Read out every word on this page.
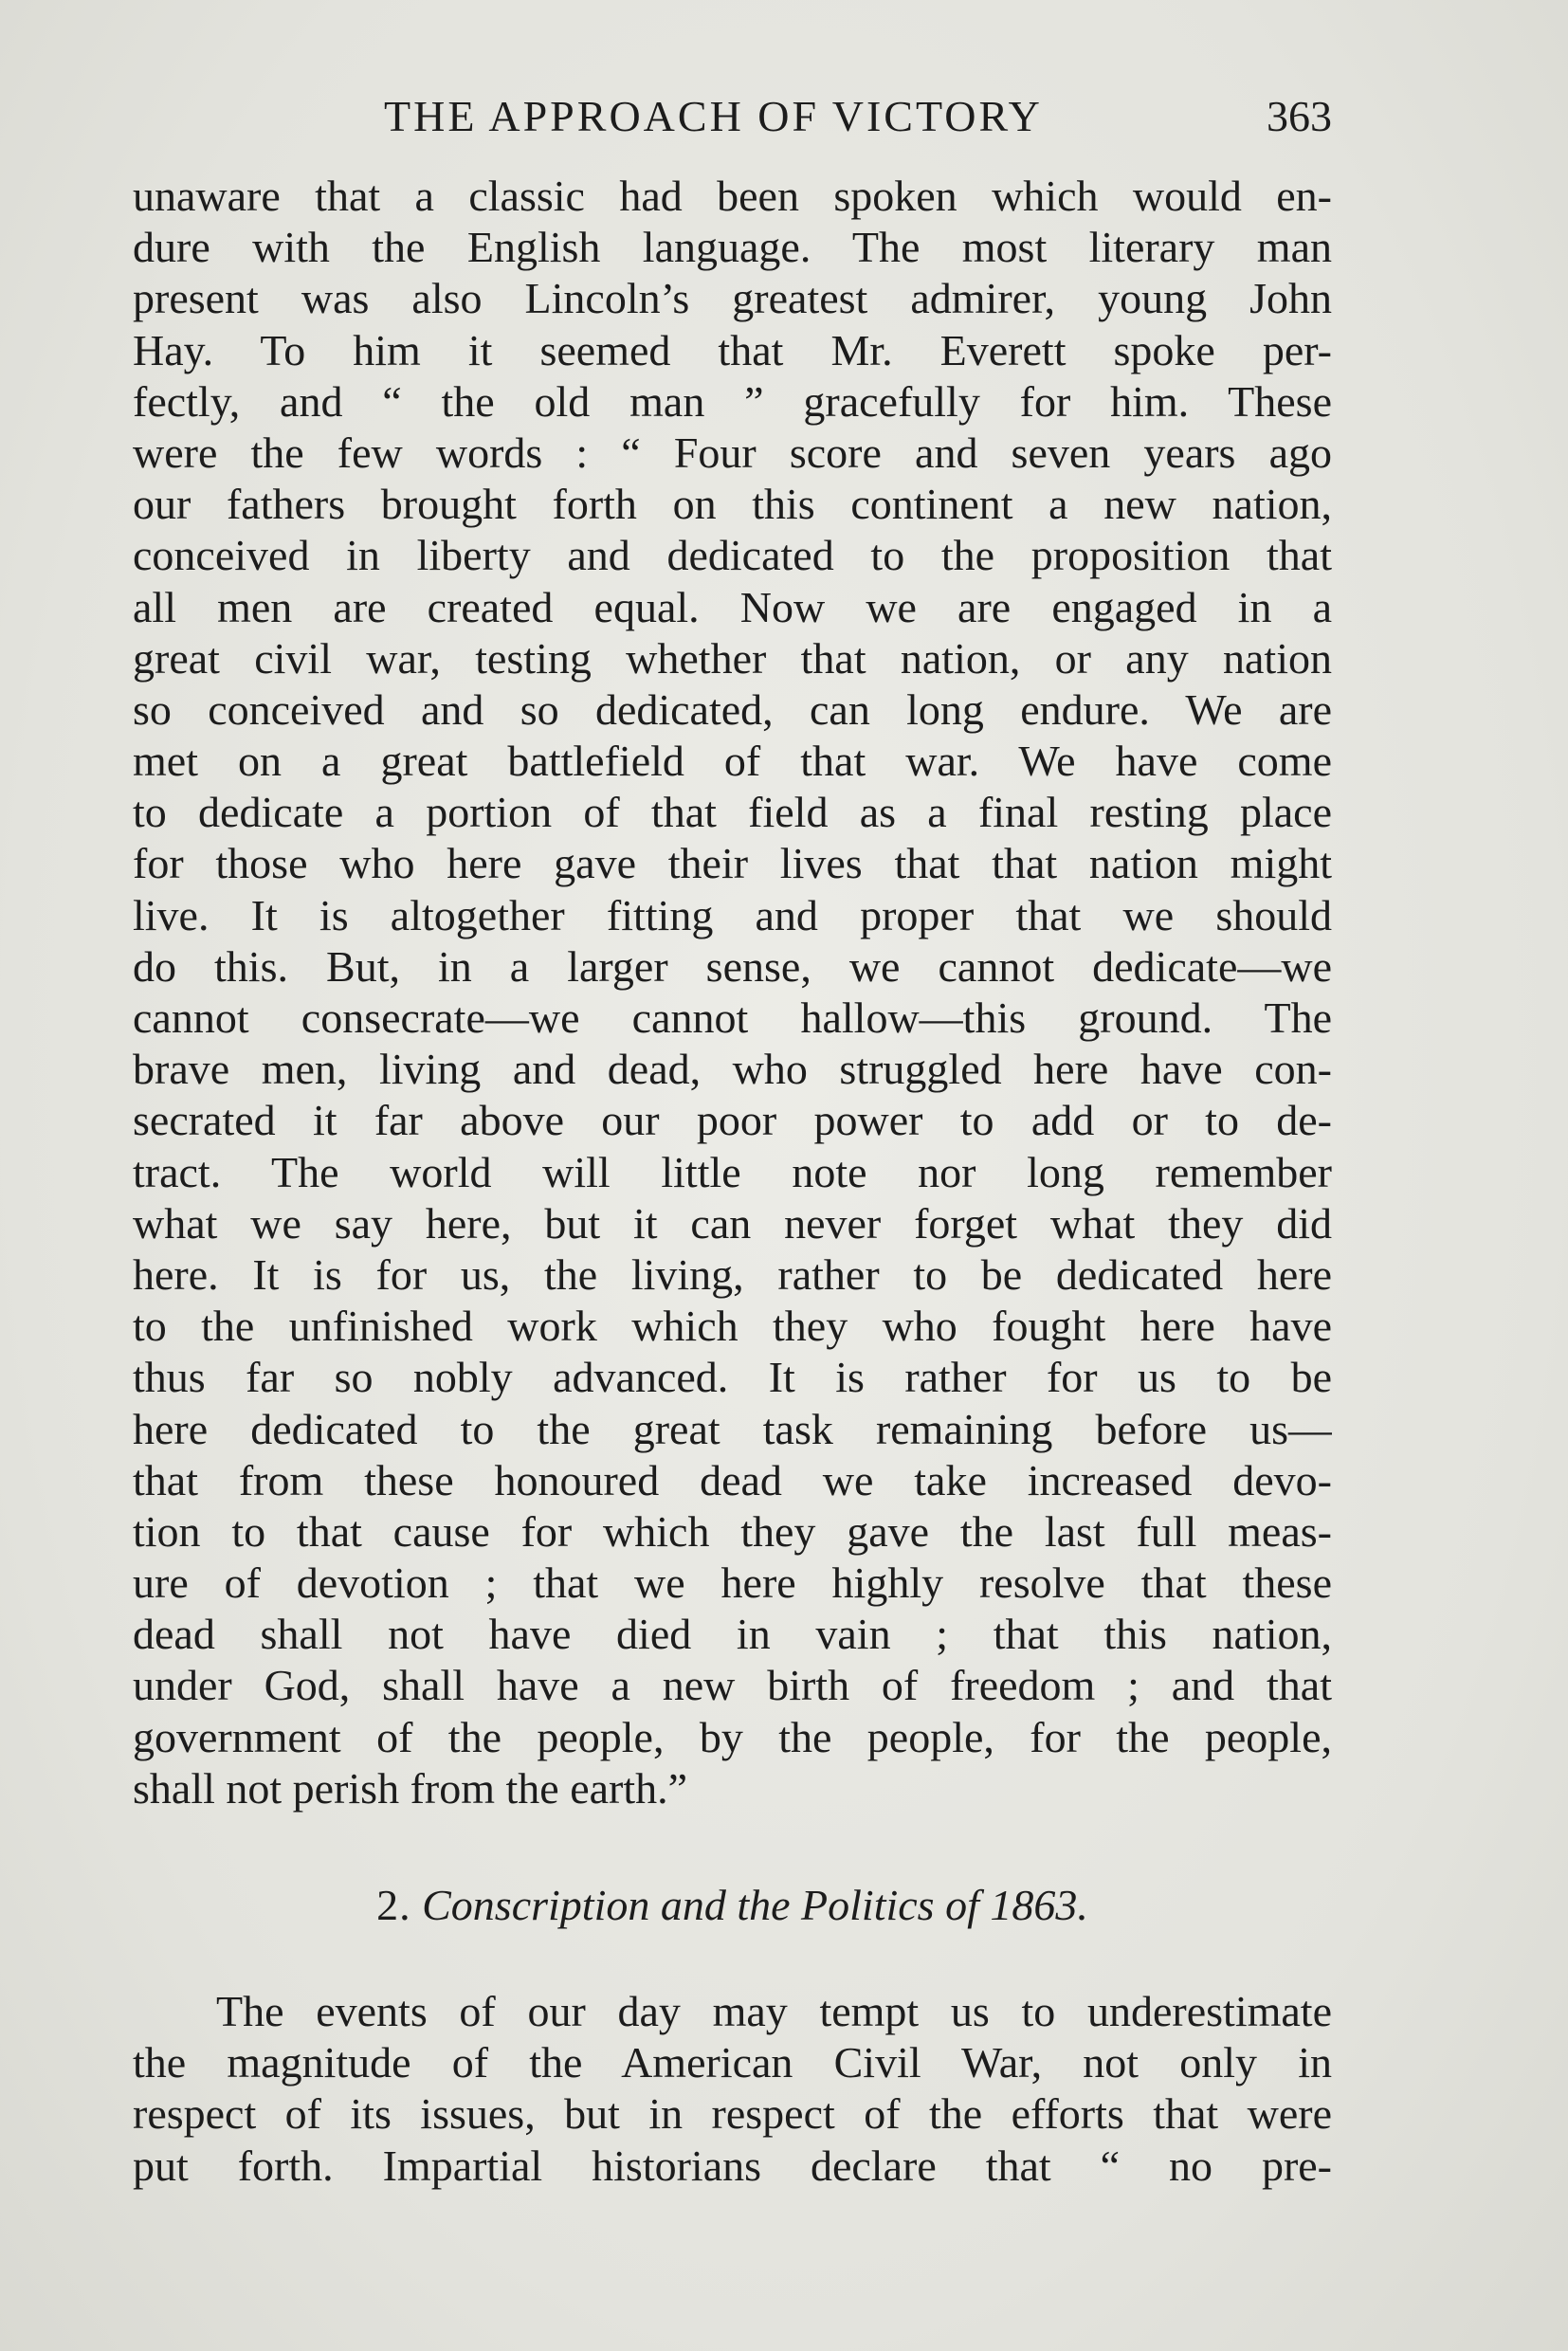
THE APPROACH OF VICTORY	363
unaware that a classic had been spoken which would en-
dure with the English language. The most literary man
present was also Lincoln’s greatest admirer, young John
Hay. To him it seemed that Mr. Everett spoke per-
fectly, and “ the old man ” gracefully for him. These
were the few words : “ Four score and seven years ago
our fathers brought forth on this continent a new nation,
conceived in liberty and dedicated to the proposition that
all men are created equal. Now we are engaged in a
great civil war, testing whether that nation, or any nation
so conceived and so dedicated, can long endure. We are
met on a great battlefield of that war. We have come
to dedicate a portion of that field as a final resting place
for those who here gave their lives that that nation might
live. It is altogether fitting and proper that we should
do this. But, in a larger sense, we cannot dedicate—we
cannot consecrate—we cannot hallow—this ground. The
brave men, living and dead, who struggled here have con-
secrated it far above our poor power to add or to de-
tract. The world will little note nor long remember
what we say here, but it can never forget what they did
here. It is for us, the living, rather to be dedicated here
to the unfinished work which they who fought here have
thus far so nobly advanced. It is rather for us to be
here dedicated to the great task remaining before us—
that from these honoured dead we take increased devo-
tion to that cause for which they gave the last full meas-
ure of devotion ; that we here highly resolve that these
dead shall not have died in vain ; that this nation,
under God, shall have a new birth of freedom ; and that
government of the people, by the people, for the people,
shall not perish from the earth.”
2. Conscription and the Politics of 1863.
The events of our day may tempt us to underestimate
the magnitude of the American Civil War, not only in
respect of its issues, but in respect of the efforts that were
put forth. Impartial historians declare that “ no pre-
